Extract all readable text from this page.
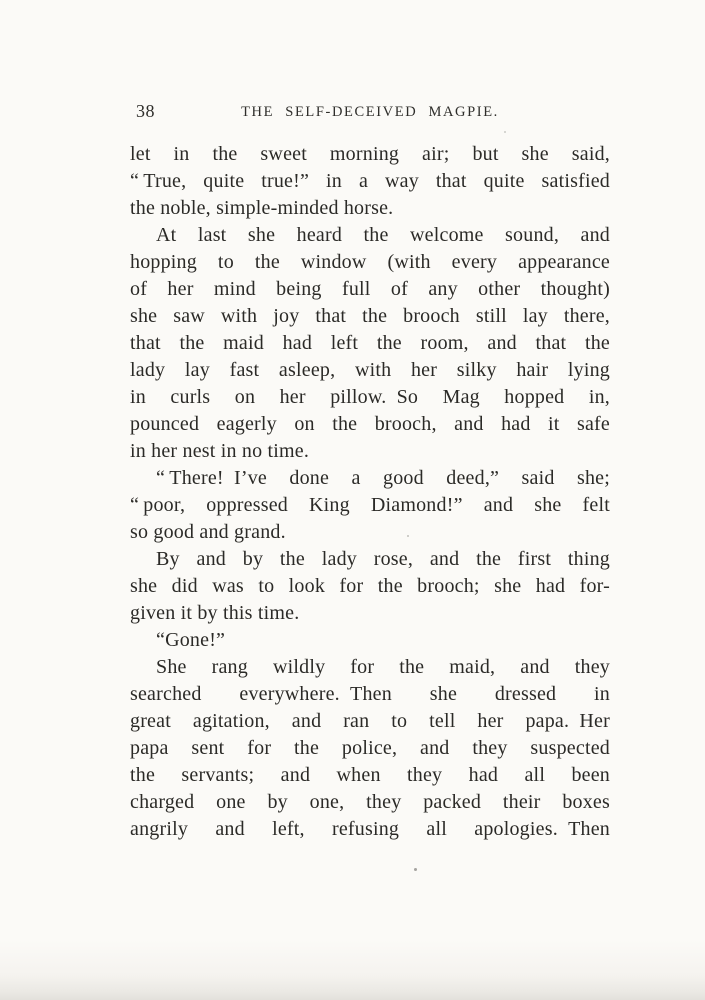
38	THE SELF-DECEIVED MAGPIE.
let in the sweet morning air; but she said,
“ True, quite true!” in a way that quite satisfied
the noble, simple-minded horse.
At last she heard the welcome sound, and
hopping to the window (with every appearance
of her mind being full of any other thought)
she saw with joy that the brooch still lay there,
that the maid had left the room, and that the
lady lay fast asleep, with her silky hair lying
in curls on her pillow. So Mag hopped in,
pounced eagerly on the brooch, and had it safe
in her nest in no time.
“ There! I’ve done a good deed,” said she;
“ poor, oppressed King Diamond!” and she felt
so good and grand.
By and by the lady rose, and the first thing
she did was to look for the brooch; she had for-
given it by this time.
“Gone!”
She rang wildly for the maid, and they
searched everywhere. Then she dressed in
great agitation, and ran to tell her papa. Her
papa sent for the police, and they suspected
the servants; and when they had all been
charged one by one, they packed their boxes
angrily and left, refusing all apologies. Then
